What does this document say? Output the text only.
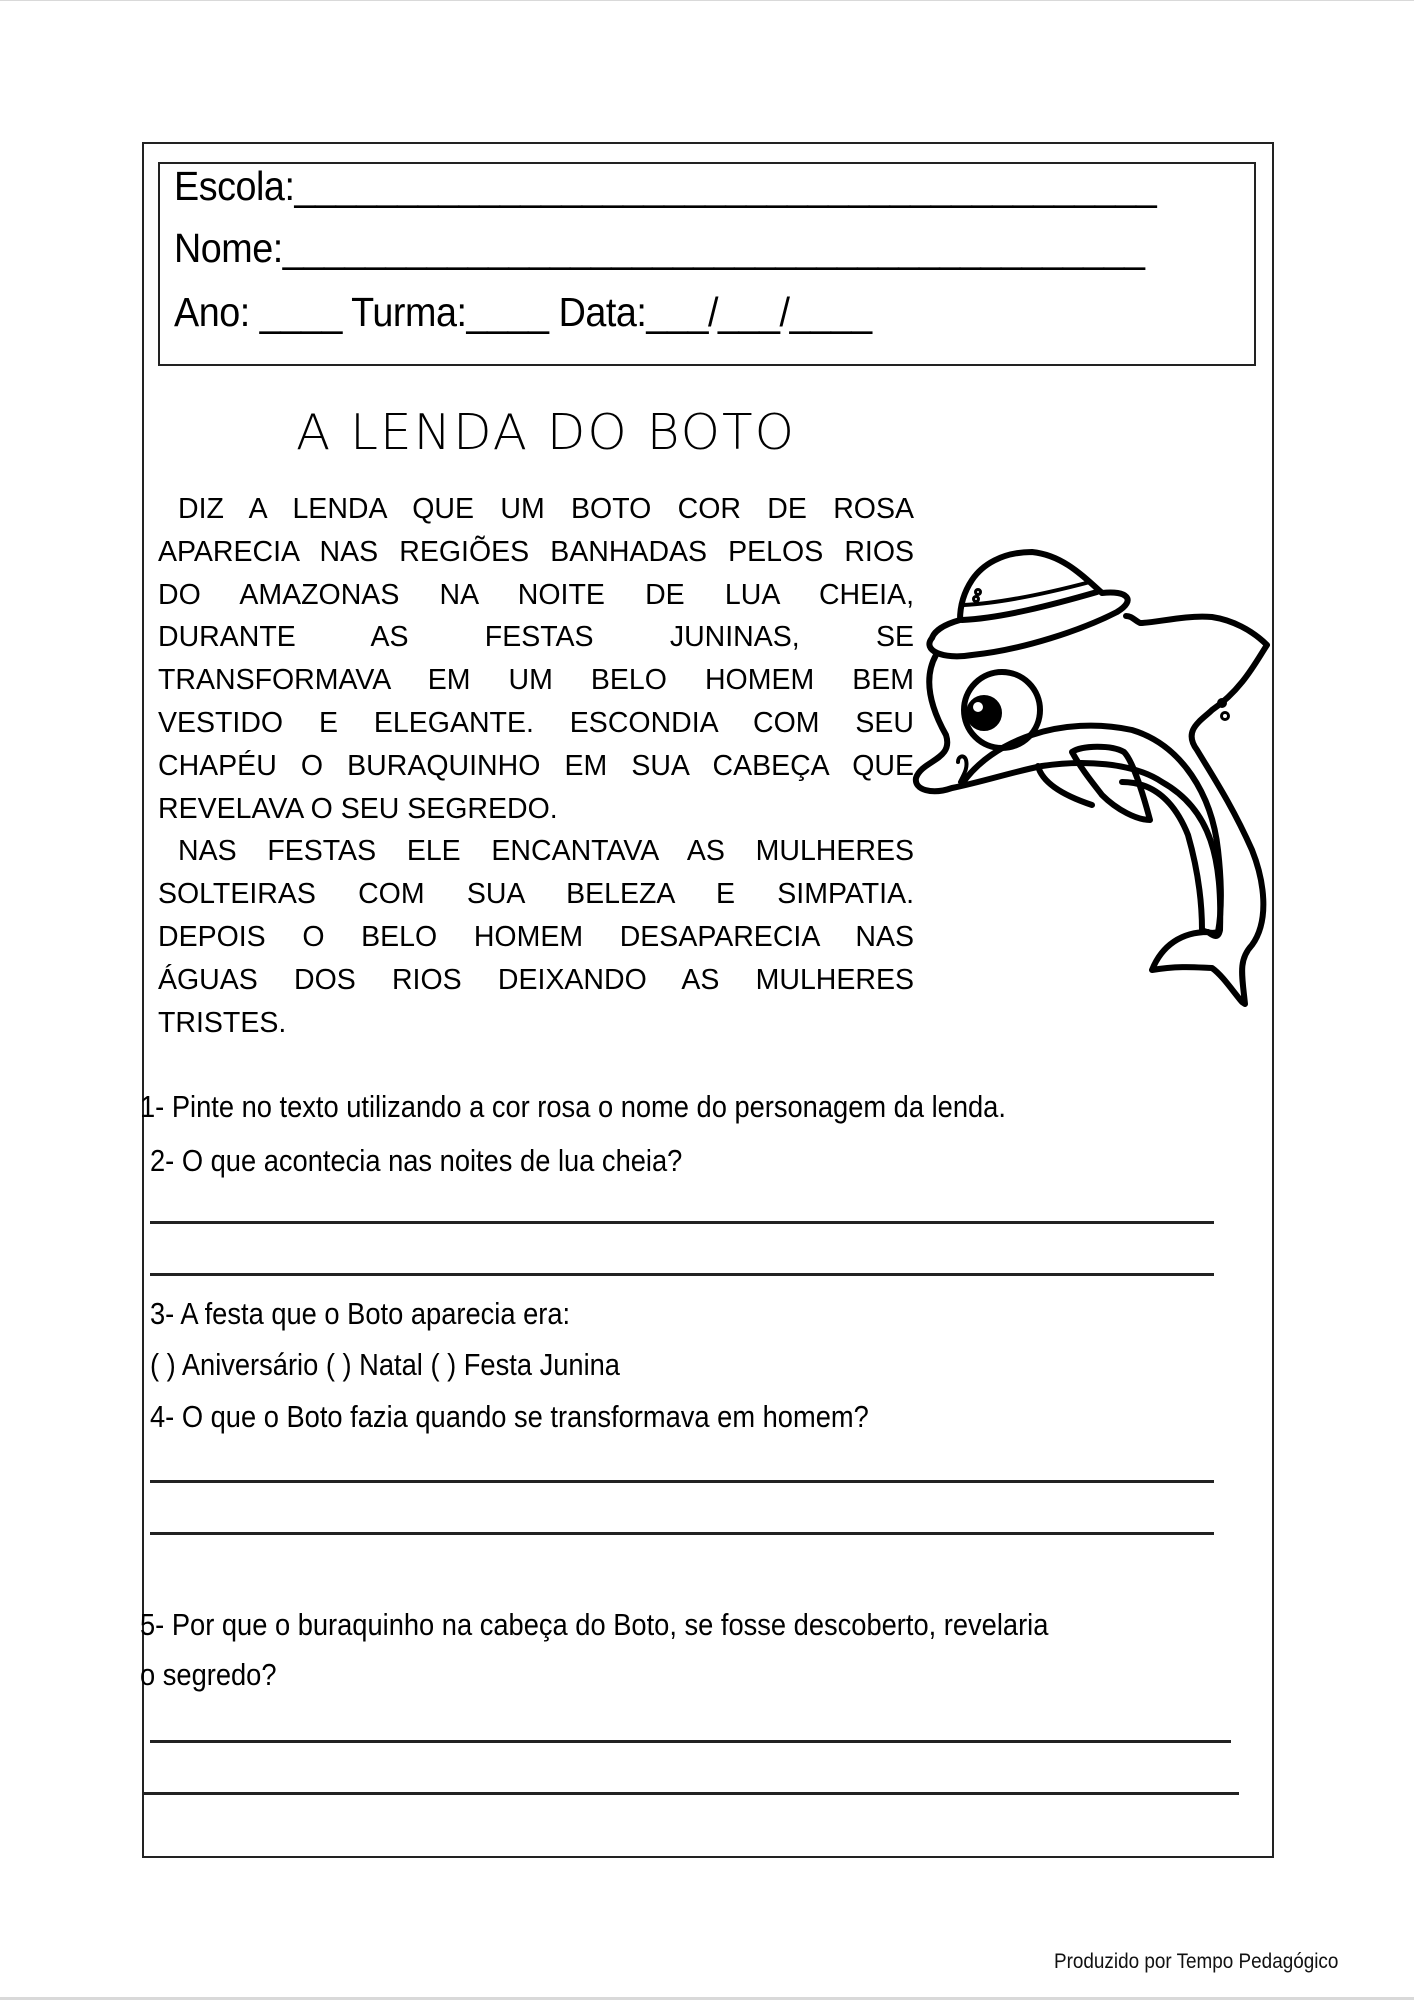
Escola:__________________________________________
Nome:__________________________________________
Ano: ____ Turma:____ Data:___/___/____
A LENDA DO BOTO
DIZ A LENDA QUE UM BOTO COR DE ROSA
APARECIA NAS REGIÕES BANHADAS PELOS RIOS
DO AMAZONAS NA NOITE DE LUA CHEIA,
DURANTE AS FESTAS JUNINAS, SE
TRANSFORMAVA EM UM BELO HOMEM BEM
VESTIDO E ELEGANTE. ESCONDIA COM SEU
CHAPÉU O BURAQUINHO EM SUA CABEÇA QUE
REVELAVA O SEU SEGREDO.
NAS FESTAS ELE ENCANTAVA AS MULHERES
SOLTEIRAS COM SUA BELEZA E SIMPATIA.
DEPOIS O BELO HOMEM DESAPARECIA NAS
ÁGUAS DOS RIOS DEIXANDO AS MULHERES
TRISTES.
1- Pinte no texto utilizando a cor rosa o nome do personagem da lenda.
2- O que acontecia nas noites de lua cheia?
3- A festa que o Boto aparecia era:
( ) Aniversário ( ) Natal ( ) Festa Junina
4- O que o Boto fazia quando se transformava em homem?
5- Por que o buraquinho na cabeça do Boto, se fosse descoberto, revelaria
o segredo?
Produzido por Tempo Pedagógico
